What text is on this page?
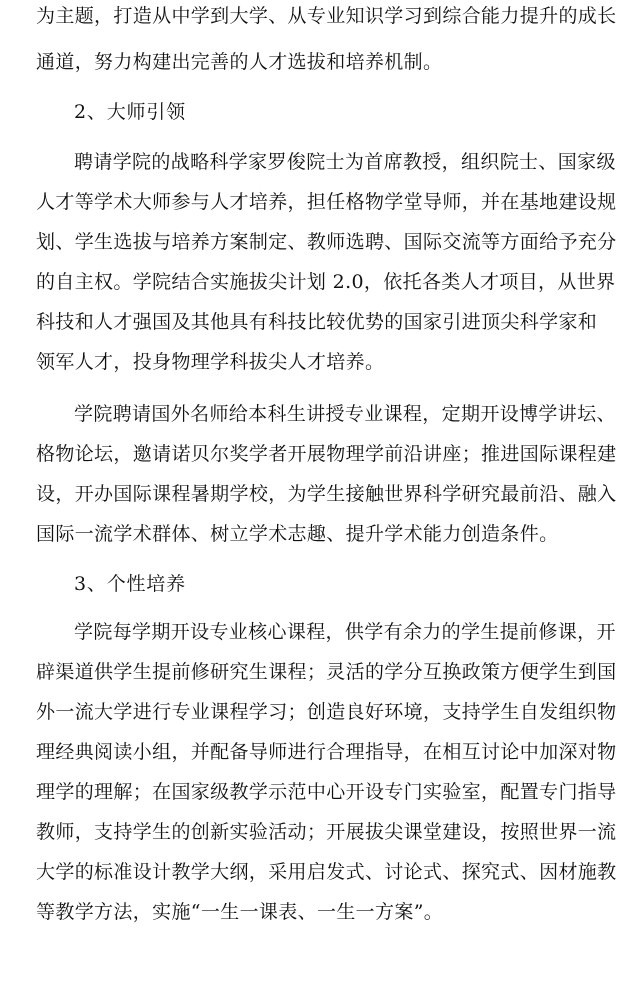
为主题，打造从中学到大学、从专业知识学习到综合能力提升的成长
通道，努力构建出完善的人才选拔和培养机制。
2、大师引领
聘请学院的战略科学家罗俊院士为首席教授，组织院士、国家级
人才等学术大师参与人才培养，担任格物学堂导师，并在基地建设规
划、学生选拔与培养方案制定、教师选聘、国际交流等方面给予充分
的自主权。学院结合实施拔尖计划 2.0，依托各类人才项目，从世界
科技和人才强国及其他具有科技比较优势的国家引进顶尖科学家和
领军人才，投身物理学科拔尖人才培养。
学院聘请国外名师给本科生讲授专业课程，定期开设博学讲坛、
格物论坛，邀请诺贝尔奖学者开展物理学前沿讲座；推进国际课程建
设，开办国际课程暑期学校，为学生接触世界科学研究最前沿、融入
国际一流学术群体、树立学术志趣、提升学术能力创造条件。
3、个性培养
学院每学期开设专业核心课程，供学有余力的学生提前修课，开
辟渠道供学生提前修研究生课程；灵活的学分互换政策方便学生到国
外一流大学进行专业课程学习；创造良好环境，支持学生自发组织物
理经典阅读小组，并配备导师进行合理指导，在相互讨论中加深对物
理学的理解；在国家级教学示范中心开设专门实验室，配置专门指导
教师，支持学生的创新实验活动；开展拔尖课堂建设，按照世界一流
大学的标准设计教学大纲，采用启发式、讨论式、探究式、因材施教
等教学方法，实施“一生一课表、一生一方案”。
